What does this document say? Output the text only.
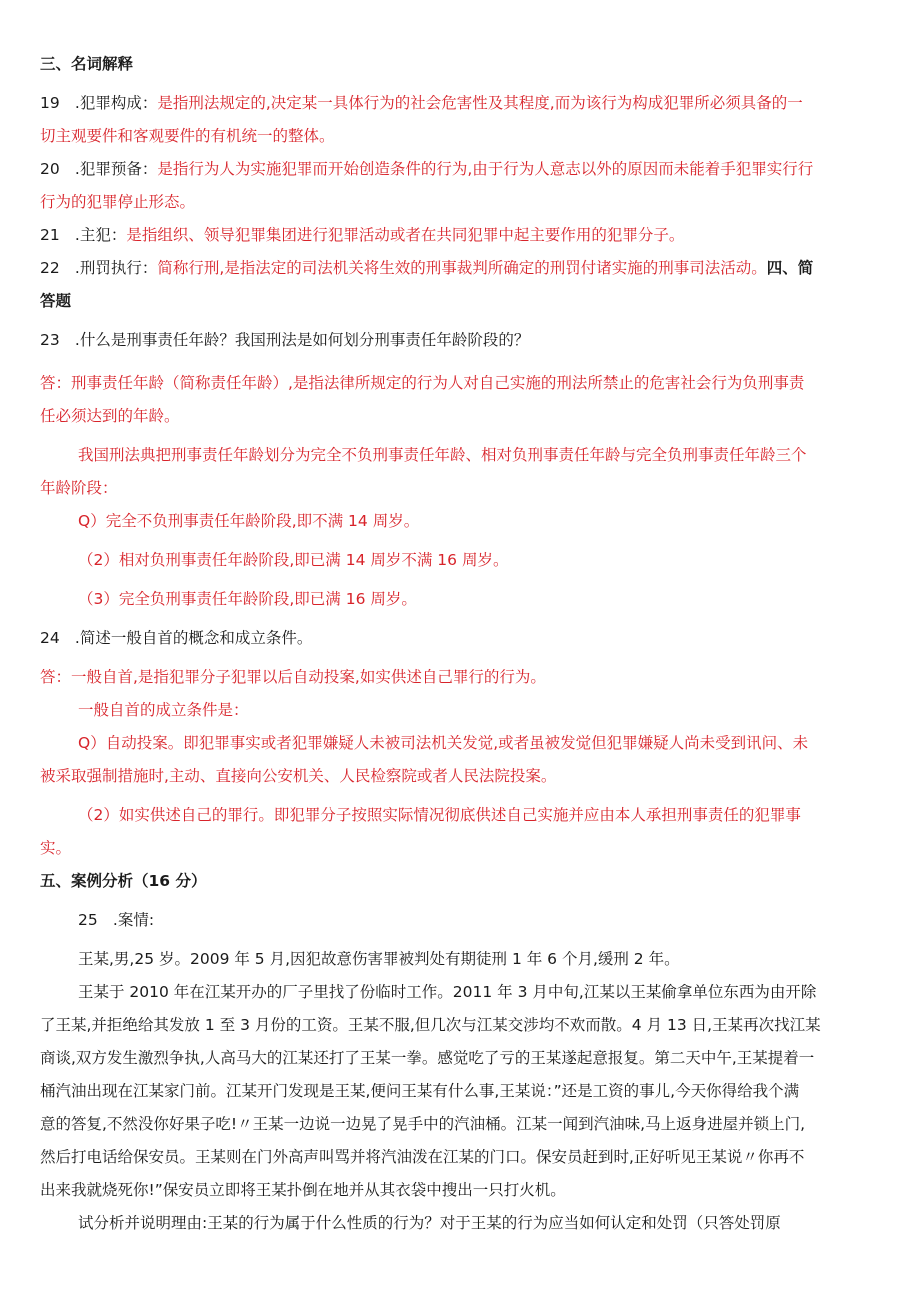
三、名词解释
19 .犯罪构成：是指刑法规定的,决定某一具体行为的社会危害性及其程度,而为该行为构成犯罪所必须具备的一
切主观要件和客观要件的有机统一的整体。
20 .犯罪预备：是指行为人为实施犯罪而开始创造条件的行为,由于行为人意志以外的原因而未能着手犯罪实行行
行为的犯罪停止形态。
21 .主犯：是指组织、领导犯罪集团进行犯罪活动或者在共同犯罪中起主要作用的犯罪分子。
22 .刑罚执行：简称行刑,是指法定的司法机关将生效的刑事裁判所确定的刑罚付诸实施的刑事司法活动。四、简
答题
23 .什么是刑事责任年龄？我国刑法是如何划分刑事责任年龄阶段的？
答：刑事责任年龄（简称责任年龄）,是指法律所规定的行为人对自己实施的刑法所禁止的危害社会行为负刑事责
任必须达到的年龄。
我国刑法典把刑事责任年龄划分为完全不负刑事责任年龄、相对负刑事责任年龄与完全负刑事责任年龄三个
年龄阶段：
Q）完全不负刑事责任年龄阶段,即不满 14 周岁。
（2）相对负刑事责任年龄阶段,即已满 14 周岁不满 16 周岁。
（3）完全负刑事责任年龄阶段,即已满 16 周岁。
24 .简述一般自首的概念和成立条件。
答：一般自首,是指犯罪分子犯罪以后自动投案,如实供述自己罪行的行为。
一般自首的成立条件是：
Q）自动投案。即犯罪事实或者犯罪嫌疑人未被司法机关发觉,或者虽被发觉但犯罪嫌疑人尚未受到讯问、未
被采取强制措施时,主动、直接向公安机关、人民检察院或者人民法院投案。
（2）如实供述自己的罪行。即犯罪分子按照实际情况彻底供述自己实施并应由本人承担刑事责任的犯罪事
实。
五、案例分析（16 分）
25 .案情:
王某,男,25 岁。2009 年 5 月,因犯故意伤害罪被判处有期徒刑 1 年 6 个月,缓刑 2 年。
王某于 2010 年在江某开办的厂子里找了份临时工作。2011 年 3 月中旬,江某以王某偷拿单位东西为由开除
了王某,并拒绝给其发放 1 至 3 月份的工资。王某不服,但几次与江某交涉均不欢而散。4 月 13 日,王某再次找江某
商谈,双方发生激烈争执,人高马大的江某还打了王某一拳。感觉吃了亏的王某遂起意报复。第二天中午,王某提着一
桶汽油出现在江某家门前。江某开门发现是王某,便问王某有什么事,王某说：”还是工资的事儿,今天你得给我个满
意的答复,不然没你好果子吃!〃王某一边说一边晃了晃手中的汽油桶。江某一闻到汽油味,马上返身进屋并锁上门,
然后打电话给保安员。王某则在门外高声叫骂并将汽油泼在江某的门口。保安员赶到时,正好听见王某说〃你再不
出来我就烧死你!”保安员立即将王某扑倒在地并从其衣袋中搜出一只打火机。
试分析并说明理由:王某的行为属于什么性质的行为？对于王某的行为应当如何认定和处罚（只答处罚原
